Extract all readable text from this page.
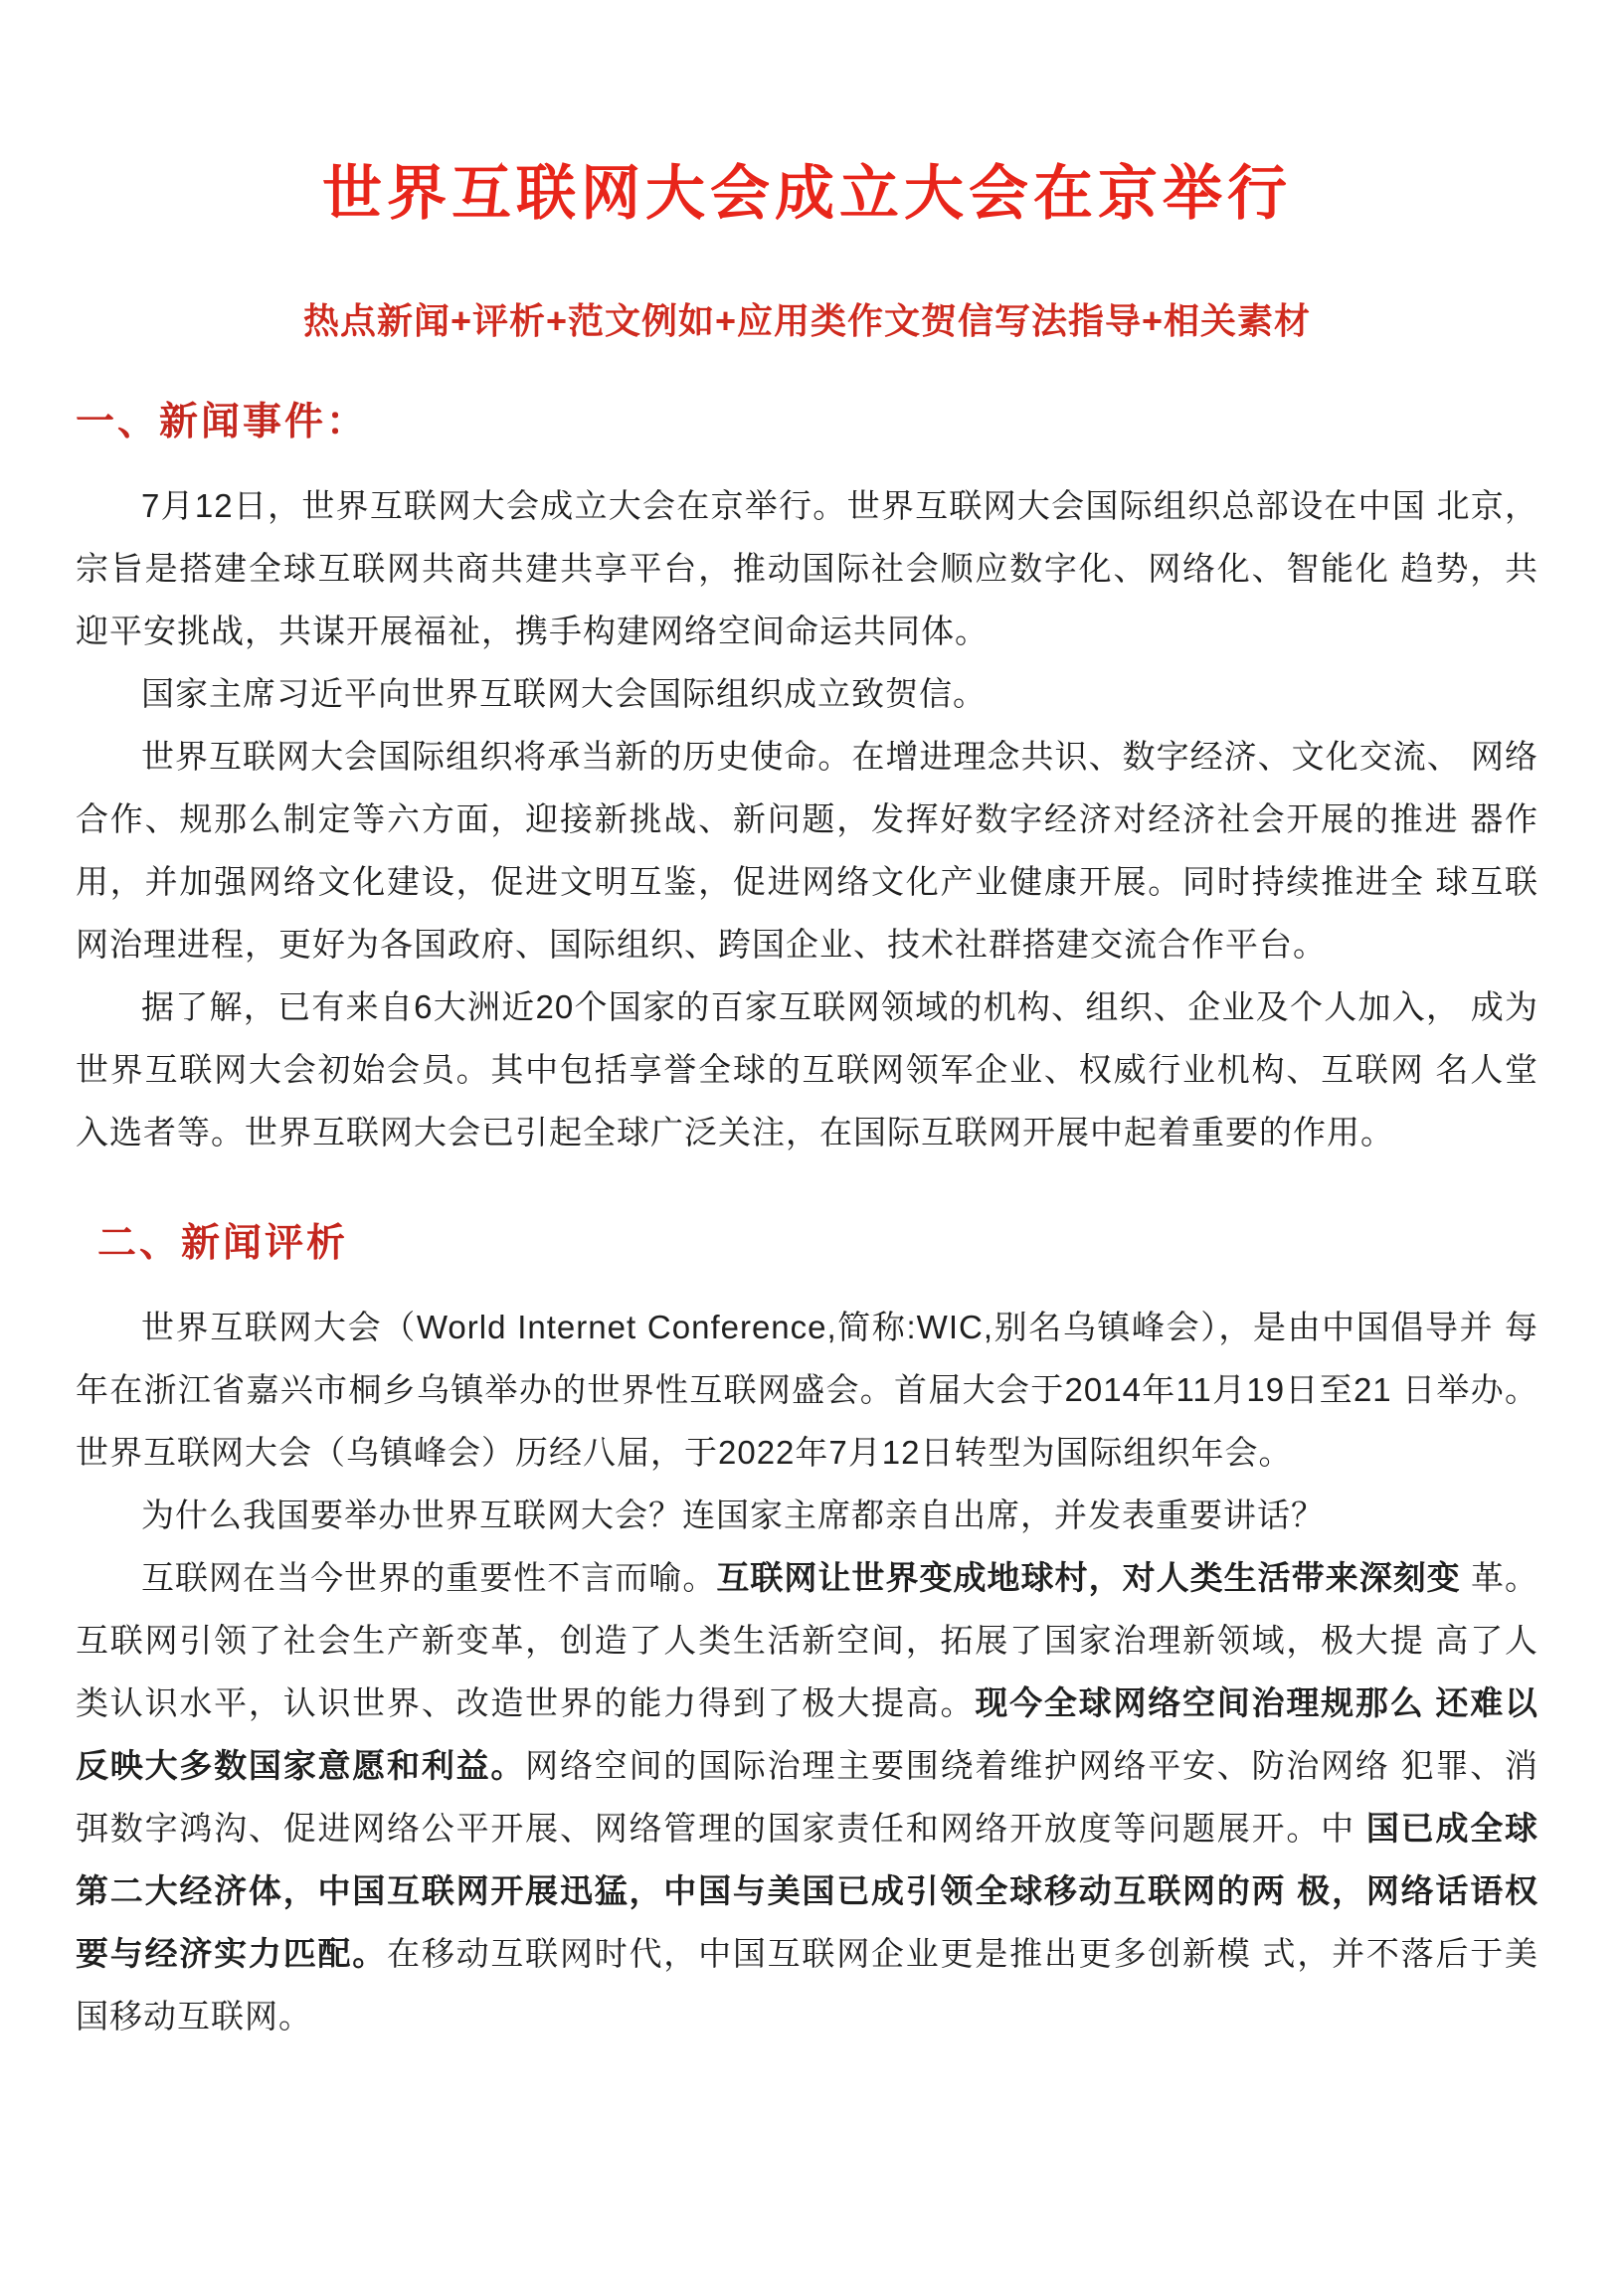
世界互联网大会成立大会在京举行
热点新闻+评析+范文例如+应用类作文贺信写法指导+相关素材
一、新闻事件：

7月12日，世界互联网大会成立大会在京举行。世界互联网大会国际组织总部设在中国 北京，宗旨是搭建全球互联网共商共建共享平台，推动国际社会顺应数字化、网络化、智能化 趋势，共迎平安挑战，共谋开展福祉，携手构建网络空间命运共同体。

国家主席习近平向世界互联网大会国际组织成立致贺信。

世界互联网大会国际组织将承当新的历史使命。在增进理念共识、数字经济、文化交流、 网络合作、规那么制定等六方面，迎接新挑战、新问题，发挥好数字经济对经济社会开展的推进 器作用，并加强网络文化建设，促进文明互鉴，促进网络文化产业健康开展。同时持续推进全 球互联网治理进程，更好为各国政府、国际组织、跨国企业、技术社群搭建交流合作平台。

据了解，已有来自6大洲近20个国家的百家互联网领域的机构、组织、企业及个人加入， 成为世界互联网大会初始会员。其中包括享誉全球的互联网领军企业、权威行业机构、互联网 名人堂入选者等。世界互联网大会已引起全球广泛关注，在国际互联网开展中起着重要的作用。

二、新闻评析

世界互联网大会（World Internet Conference,简称:WIC,别名乌镇峰会），是由中国倡导并 每年在浙江省嘉兴市桐乡乌镇举办的世界性互联网盛会。首届大会于2014年11月19日至21 日举办。世界互联网大会（乌镇峰会）历经八届，于2022年7月12日转型为国际组织年会。

为什么我国要举办世界互联网大会？连国家主席都亲自出席，并发表重要讲话？

互联网在当今世界的重要性不言而喻。互联网让世界变成地球村，对人类生活带来深刻变 革。互联网引领了社会生产新变革，创造了人类生活新空间，拓展了国家治理新领域，极大提 高了人类认识水平，认识世界、改造世界的能力得到了极大提高。现今全球网络空间治理规那么 还难以反映大多数国家意愿和利益。网络空间的国际治理主要围绕着维护网络平安、防治网络 犯罪、消弭数字鸿沟、促进网络公平开展、网络管理的国家责任和网络开放度等问题展开。中 国已成全球第二大经济体，中国互联网开展迅猛，中国与美国已成引领全球移动互联网的两 极，网络话语权要与经济实力匹配。在移动互联网时代，中国互联网企业更是推出更多创新模 式，并不落后于美国移动互联网。
